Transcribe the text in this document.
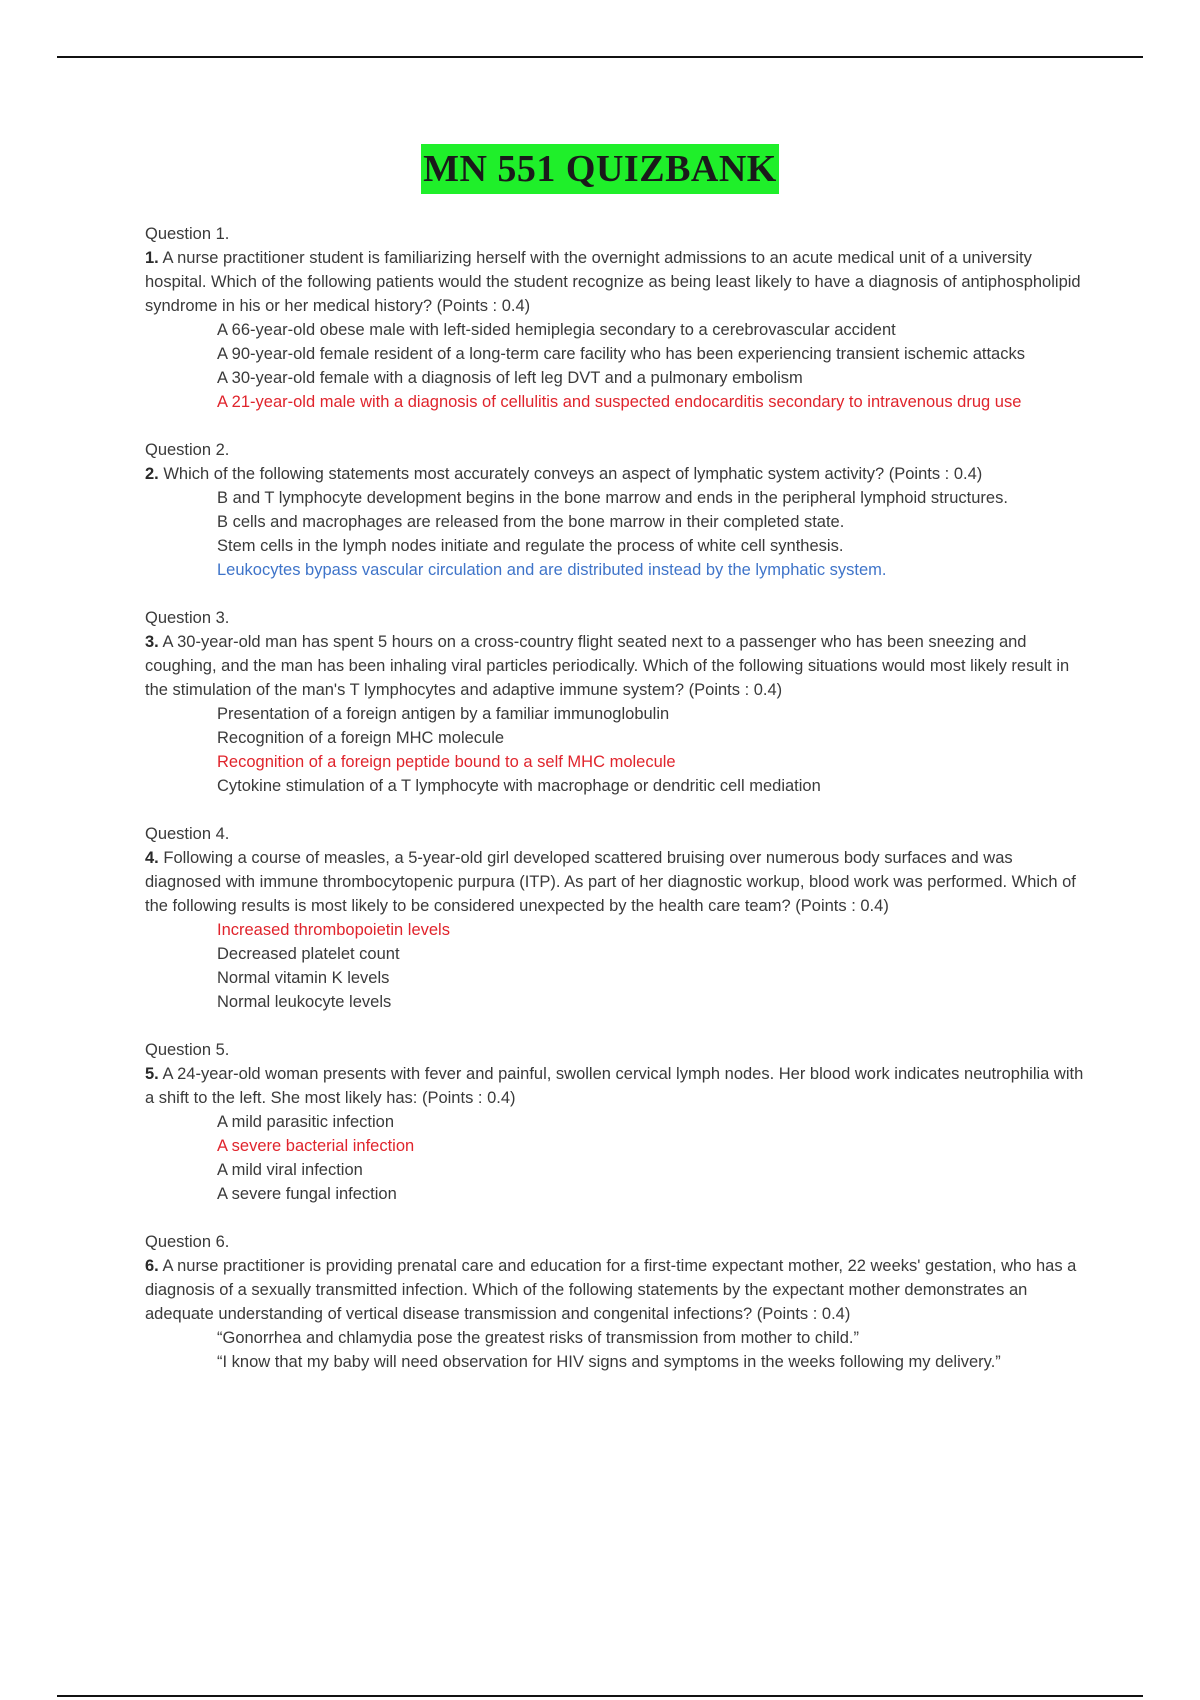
MN 551 QUIZBANK

Question 1.

1. A nurse practitioner student is familiarizing herself with the overnight admissions to an acute medical unit of a university hospital. Which of the following patients would the student recognize as being least likely to have a diagnosis of antiphospholipid syndrome in his or her medical history? (Points : 0.4)

A 66-year-old obese male with left-sided hemiplegia secondary to a cerebrovascular accident
A 90-year-old female resident of a long-term care facility who has been experiencing transient ischemic attacks
A 30-year-old female with a diagnosis of left leg DVT and a pulmonary embolism
A 21-year-old male with a diagnosis of cellulitis and suspected endocarditis secondary to intravenous drug use

Question 2.

2. Which of the following statements most accurately conveys an aspect of lymphatic system activity? (Points : 0.4)

B and T lymphocyte development begins in the bone marrow and ends in the peripheral lymphoid structures.
B cells and macrophages are released from the bone marrow in their completed state.
Stem cells in the lymph nodes initiate and regulate the process of white cell synthesis.
Leukocytes bypass vascular circulation and are distributed instead by the lymphatic system.

Question 3.

3. A 30-year-old man has spent 5 hours on a cross-country flight seated next to a passenger who has been sneezing and coughing, and the man has been inhaling viral particles periodically. Which of the following situations would most likely result in the stimulation of the man's T lymphocytes and adaptive immune system? (Points : 0.4)

Presentation of a foreign antigen by a familiar immunoglobulin
Recognition of a foreign MHC molecule
Recognition of a foreign peptide bound to a self MHC molecule
Cytokine stimulation of a T lymphocyte with macrophage or dendritic cell mediation

Question 4.

4. Following a course of measles, a 5-year-old girl developed scattered bruising over numerous body surfaces and was diagnosed with immune thrombocytopenic purpura (ITP). As part of her diagnostic workup, blood work was performed. Which of the following results is most likely to be considered unexpected by the health care team? (Points : 0.4)

Increased thrombopoietin levels
Decreased platelet count
Normal vitamin K levels
Normal leukocyte levels

Question 5.

5. A 24-year-old woman presents with fever and painful, swollen cervical lymph nodes. Her blood work indicates neutrophilia with a shift to the left. She most likely has: (Points : 0.4)

A mild parasitic infection
A severe bacterial infection
A mild viral infection
A severe fungal infection

Question 6.

6. A nurse practitioner is providing prenatal care and education for a first-time expectant mother, 22 weeks' gestation, who has a diagnosis of a sexually transmitted infection. Which of the following statements by the expectant mother demonstrates an adequate understanding of vertical disease transmission and congenital infections? (Points : 0.4)

“Gonorrhea and chlamydia pose the greatest risks of transmission from mother to child.”
“I know that my baby will need observation for HIV signs and symptoms in the weeks following my delivery.”
